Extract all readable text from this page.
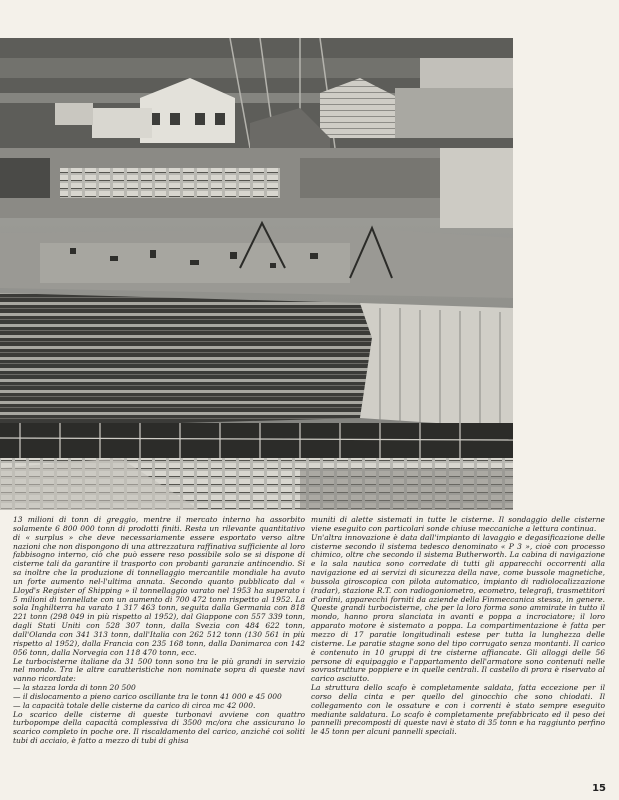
13 milioni di tonn di greggio, mentre il mercato interno ha assorbito solamente 6 800 000 tonn di prodotti finiti. Resta un rilevante quantitativo di « surplus » che deve necessariamente essere esportato verso altre nazioni che non dispongono di una attrezzatura raffinativa sufficiente al loro fabbisogno interno, ciò che può essere reso possibile solo se si dispone di cisterne tali da garantire il trasporto con probanti garanzie antincendio. Si sa inoltre che la produzione di tonnellaggio mercantile mondiale ha avuto un forte aumento nel-l'ultima annata. Secondo quanto pubblicato dal « Lloyd's Register of Shipping » il tonnellaggio varato nel 1953 ha superato i 5 milioni di tonnellate con un aumento di 700 472 tonn rispetto al 1952. La sola Inghilterra ha varato 1 317 463 tonn, seguita dalla Germania con 818 221 tonn (298 049 in più rispetto al 1952), dal Giappone con 557 339 tonn, dagli Stati Uniti con 528 307 tonn, dalla Svezia con 484 622 tonn, dall'Olanda con 341 313 tonn, dall'Italia con 262 512 tonn (130 561 in più rispetto al 1952), dalla Francia con 235 168 tonn, dalla Danimarca con 142 056 tonn, dalla Norvegia con 118 470 tonn, ecc.

Le turbocisterne italiane da 31 500 tonn sono tra le più grandi in servizio nel mondo. Tra le altre caratteristiche non nominate sopra di queste navi vanno ricordate:

— la stazza lorda di tonn 20 500
— il dislocamento a pieno carico oscillante tra le tonn 41 000 e 45 000
— la capacità totale delle cisterne da carico di circa mc 42 000.

Lo scarico delle cisterne di queste turbonavi avviene con quattro turbopompe della capacità complessiva di 3500 mc/ora che assicurano lo scarico completo in poche ore. Il riscaldamento del carico, anziché coi soliti tubi di acciaio, è fatto a mezzo di tubi di ghisa

muniti di alette sistemati in tutte le cisterne. Il sondaggio delle cisterne viene eseguito con particolari sonde chiuse meccaniche a lettura continua.

Un'altra innovazione è data dall'impianto di lavaggio e degasificazione delle cisterne secondo il sistema tedesco denominato « P 3 », cioè con processo chimico, oltre che secondo il sistema Butherworth. La cabina di navigazione e la sala nautica sono corredate di tutti gli apparecchi occorrenti alla navigazione ed ai servizi di sicurezza della nave, come bussole magnetiche, bussola giroscopica con pilota automatico, impianto di radiolocalizzazione (radar), stazione R.T. con radiogoniometro, ecometro, telegrafi, trasmettitori d'ordini, apparecchi forniti da aziende della Finmeccanica stessa, in genere. Queste grandi turbocisterne, che per la loro forma sono ammirate in tutto il mondo, hanno prora slanciata in avanti e poppa a incrociatore; il loro apparato motore è sistemato a poppa. La compartimentazione è fatta per mezzo di 17 paratie longitudinali estese per tutta la lunghezza delle cisterne. Le paratie stagne sono del tipo corrugato senza montanti. Il carico è contenuto in 10 gruppi di tre cisterne affiancate. Gli alloggi delle 56 persone di equipaggio e l'appartamento dell'armatore sono contenuti nelle sovrastrutture poppiere e in quelle centrali. Il castello di prora è riservato al carico asciutto.

La struttura dello scafo è completamente saldata, fatta eccezione per il corso della cinta e per quello del ginocchio che sono chiodati. Il collegamento con le ossature e con i correnti è stato sempre eseguito mediante saldatura. Lo scafo è completamente prefabbricato ed il peso dei pannelli precomposti di queste navi è stato di 35 tonn e ha raggiunto perfino le 45 tonn per alcuni pannelli speciali.

15
